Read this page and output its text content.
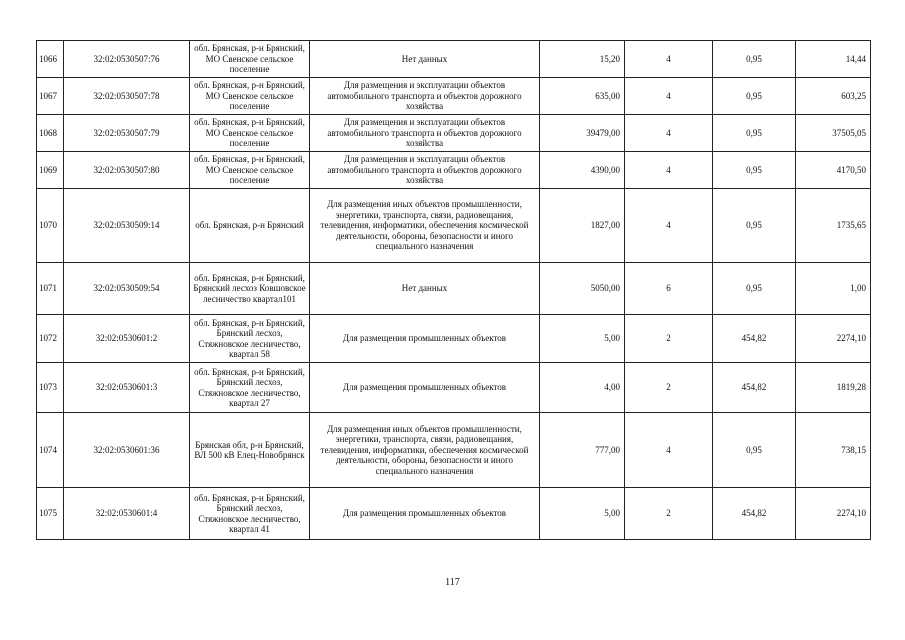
1066	32:02:0530507:76	обл. Брянская, р-н Брянский, МО Свенское сельское поселение	Нет данных	15,20	4	0,95	14,44
1067	32:02:0530507:78	обл. Брянская, р-н Брянский, МО Свенское сельское поселение	Для размещения и эксплуатации объектов автомобильного транспорта и объектов дорожного хозяйства	635,00	4	0,95	603,25
1068	32:02:0530507:79	обл. Брянская, р-н Брянский, МО Свенское сельское поселение	Для размещения и эксплуатации объектов автомобильного транспорта и объектов дорожного хозяйства	39479,00	4	0,95	37505,05
1069	32:02:0530507:80	обл. Брянская, р-н Брянский, МО Свенское сельское поселение	Для размещения и эксплуатации объектов автомобильного транспорта и объектов дорожного хозяйства	4390,00	4	0,95	4170,50
1070	32:02:0530509:14	обл. Брянская, р-н Брянский	Для размещения иных объектов промышленности, энергетики, транспорта, связи, радиовещания, телевидения, информатики, обеспечения космической деятельности, обороны, безопасности и иного специального назначения	1827,00	4	0,95	1735,65
1071	32:02:0530509:54	обл. Брянская, р-н Брянский, Брянский лесхоз Ковшовское лесничество квартал101	Нет данных	5050,00	6	0,95	1,00
1072	32:02:0530601:2	обл. Брянская, р-н Брянский, Брянский лесхоз, Стяжновское лесничество, квартал 58	Для размещения промышленных объектов	5,00	2	454,82	2274,10
1073	32:02:0530601:3	обл. Брянская, р-н Брянский, Брянский лесхоз, Стяжновское лесничество, квартал 27	Для размещения промышленных объектов	4,00	2	454,82	1819,28
1074	32:02:0530601:36	Брянская обл, р-н Брянский, ВЛ 500 кВ Елец-Новобрянск	Для размещения иных объектов промышленности, энергетики, транспорта, связи, радиовещания, телевидения, информатики, обеспечения космической деятельности, обороны, безопасности и иного специального назначения	777,00	4	0,95	738,15
1075	32:02:0530601:4	обл. Брянская, р-н Брянский, Брянский лесхоз, Стяжновское лесничество, квартал 41	Для размещения промышленных объектов	5,00	2	454,82	2274,10
117
